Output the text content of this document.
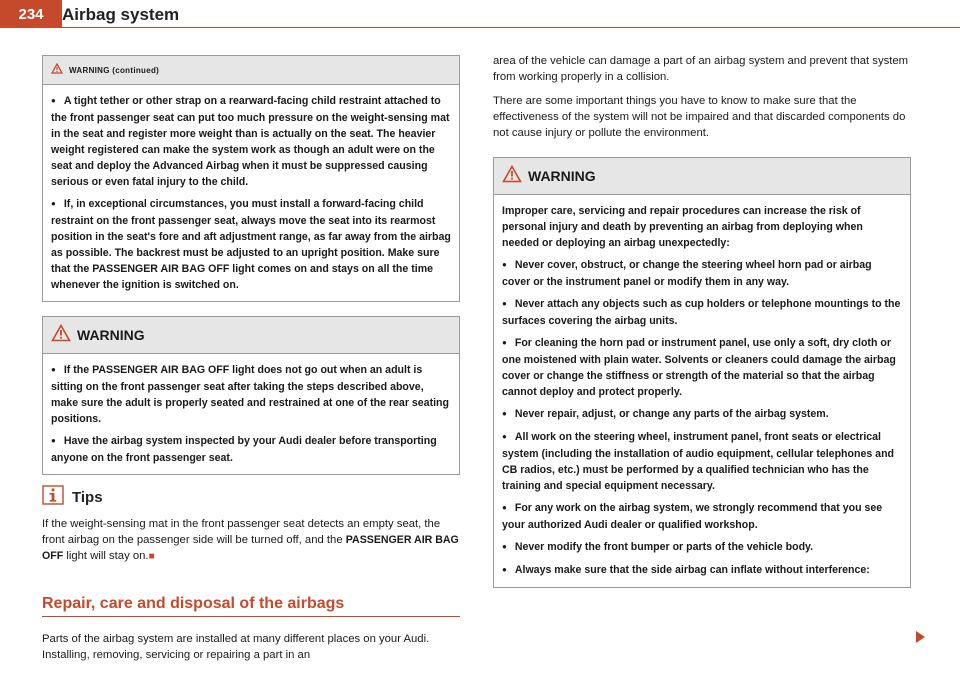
234	Airbag system
WARNING (continued)

● A tight tether or other strap on a rearward-facing child restraint attached to the front passenger seat can put too much pressure on the weight-sensing mat in the seat and register more weight than is actually on the seat. The heavier weight registered can make the system work as though an adult were on the seat and deploy the Advanced Airbag when it must be suppressed causing serious or even fatal injury to the child.

● If, in exceptional circumstances, you must install a forward-facing child restraint on the front passenger seat, always move the seat into its rearmost position in the seat's fore and aft adjustment range, as far away from the airbag as possible. The backrest must be adjusted to an upright position. Make sure that the PASSENGER AIR BAG OFF light comes on and stays on all the time whenever the ignition is switched on.

WARNING

● If the PASSENGER AIR BAG OFF light does not go out when an adult is sitting on the front passenger seat after taking the steps described above, make sure the adult is properly seated and restrained at one of the rear seating positions.

● Have the airbag system inspected by your Audi dealer before transporting anyone on the front passenger seat.

Tips

If the weight-sensing mat in the front passenger seat detects an empty seat, the front airbag on the passenger side will be turned off, and the PASSENGER AIR BAG OFF light will stay on.■

Repair, care and disposal of the airbags

Parts of the airbag system are installed at many different places on your Audi. Installing, removing, servicing or repairing a part in an

area of the vehicle can damage a part of an airbag system and prevent that system from working properly in a collision.

There are some important things you have to know to make sure that the effectiveness of the system will not be impaired and that discarded components do not cause injury or pollute the environment.

WARNING

Improper care, servicing and repair procedures can increase the risk of personal injury and death by preventing an airbag from deploying when needed or deploying an airbag unexpectedly:

● Never cover, obstruct, or change the steering wheel horn pad or airbag cover or the instrument panel or modify them in any way.

● Never attach any objects such as cup holders or telephone mountings to the surfaces covering the airbag units.

● For cleaning the horn pad or instrument panel, use only a soft, dry cloth or one moistened with plain water. Solvents or cleaners could damage the airbag cover or change the stiffness or strength of the material so that the airbag cannot deploy and protect properly.

● Never repair, adjust, or change any parts of the airbag system.

● All work on the steering wheel, instrument panel, front seats or electrical system (including the installation of audio equipment, cellular telephones and CB radios, etc.) must be performed by a qualified technician who has the training and special equipment necessary.

● For any work on the airbag system, we strongly recommend that you see your authorized Audi dealer or qualified workshop.

● Never modify the front bumper or parts of the vehicle body.

● Always make sure that the side airbag can inflate without interference:
